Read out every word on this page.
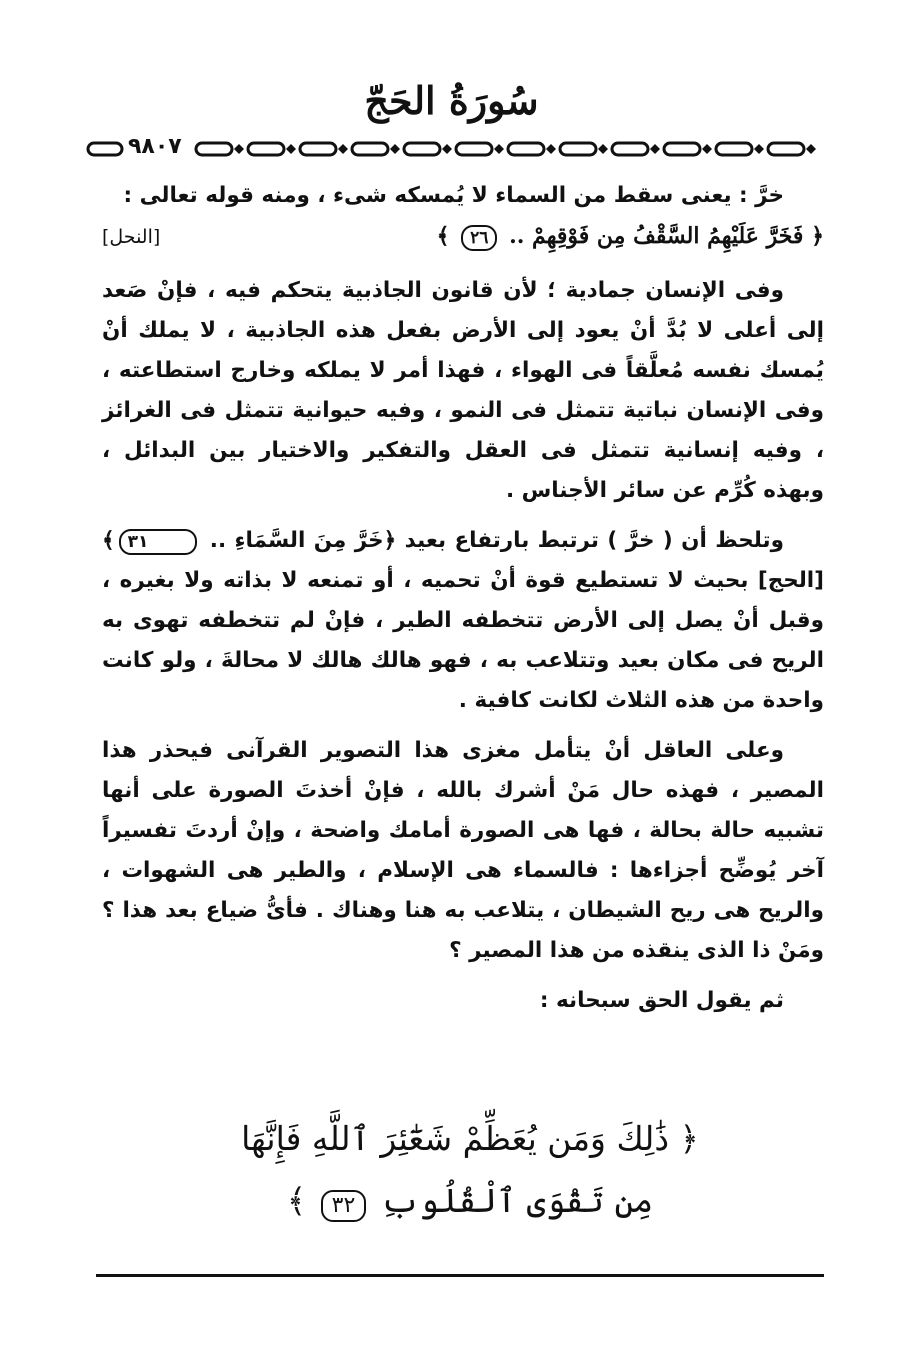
سُورَةُ الحَجّ
٩٨٠٧

خرَّ : يعنى سقط من السماء لا يُمسكه شىء ، ومنه قوله تعالى :

﴿ فَخَرَّ عَلَيْهِمُ السَّقْفُ مِن فَوْقِهِمْ .. ٢٦ ﴾
[النحل]

وفى الإنسان جمادية ؛ لأن قانون الجاذبية يتحكم فيه ، فإنْ صَعد إلى أعلى لا بُدَّ أنْ يعود إلى الأرض بفعل هذه الجاذبية ، لا يملك أنْ يُمسك نفسه مُعلَّقاً فى الهواء ، فهذا أمر لا يملكه وخارج استطاعته ، وفى الإنسان نباتية تتمثل فى النمو ، وفيه حيوانية تتمثل فى الغرائز ، وفيه إنسانية تتمثل فى العقل والتفكير والاختيار بين البدائل ، وبهذه كُرِّم عن سائر الأجناس .

وتلحظ أن ( خرَّ ) ترتبط بارتفاع بعيد ﴿خَرَّ مِنَ السَّمَاءِ .. ٣١﴾ [الحج] بحيث لا تستطيع قوة أنْ تحميه ، أو تمنعه لا بذاته ولا بغيره ، وقبل أنْ يصل إلى الأرض تتخطفه الطير ، فإنْ لم تتخطفه تهوى به الريح فى مكان بعيد وتتلاعب به ، فهو هالك هالك لا محالةَ ، ولو كانت واحدة من هذه الثلاث لكانت كافية .

وعلى العاقل أنْ يتأمل مغزى هذا التصوير القرآنى فيحذر هذا المصير ، فهذه حال مَنْ أشرك بالله ، فإنْ أخذتَ الصورة على أنها تشبيه حالة بحالة ، فها هى الصورة أمامك واضحة ، وإنْ أردتَ تفسيراً آخر يُوضِّح أجزاءها : فالسماء هى الإسلام ، والطير هى الشهوات ، والريح هى ريح الشيطان ، يتلاعب به هنا وهناك . فأىُّ ضياع بعد هذا ؟ ومَنْ ذا الذى ينقذه من هذا المصير ؟

ثم يقول الحق سبحانه :

﴿ ذَٰلِكَ وَمَن يُعَظِّمْ شَعَٰٓئِرَ ٱللَّهِ فَإِنَّهَا
مِن تَقْوَى ٱلْقُلُوبِ ٣٢ ﴾
